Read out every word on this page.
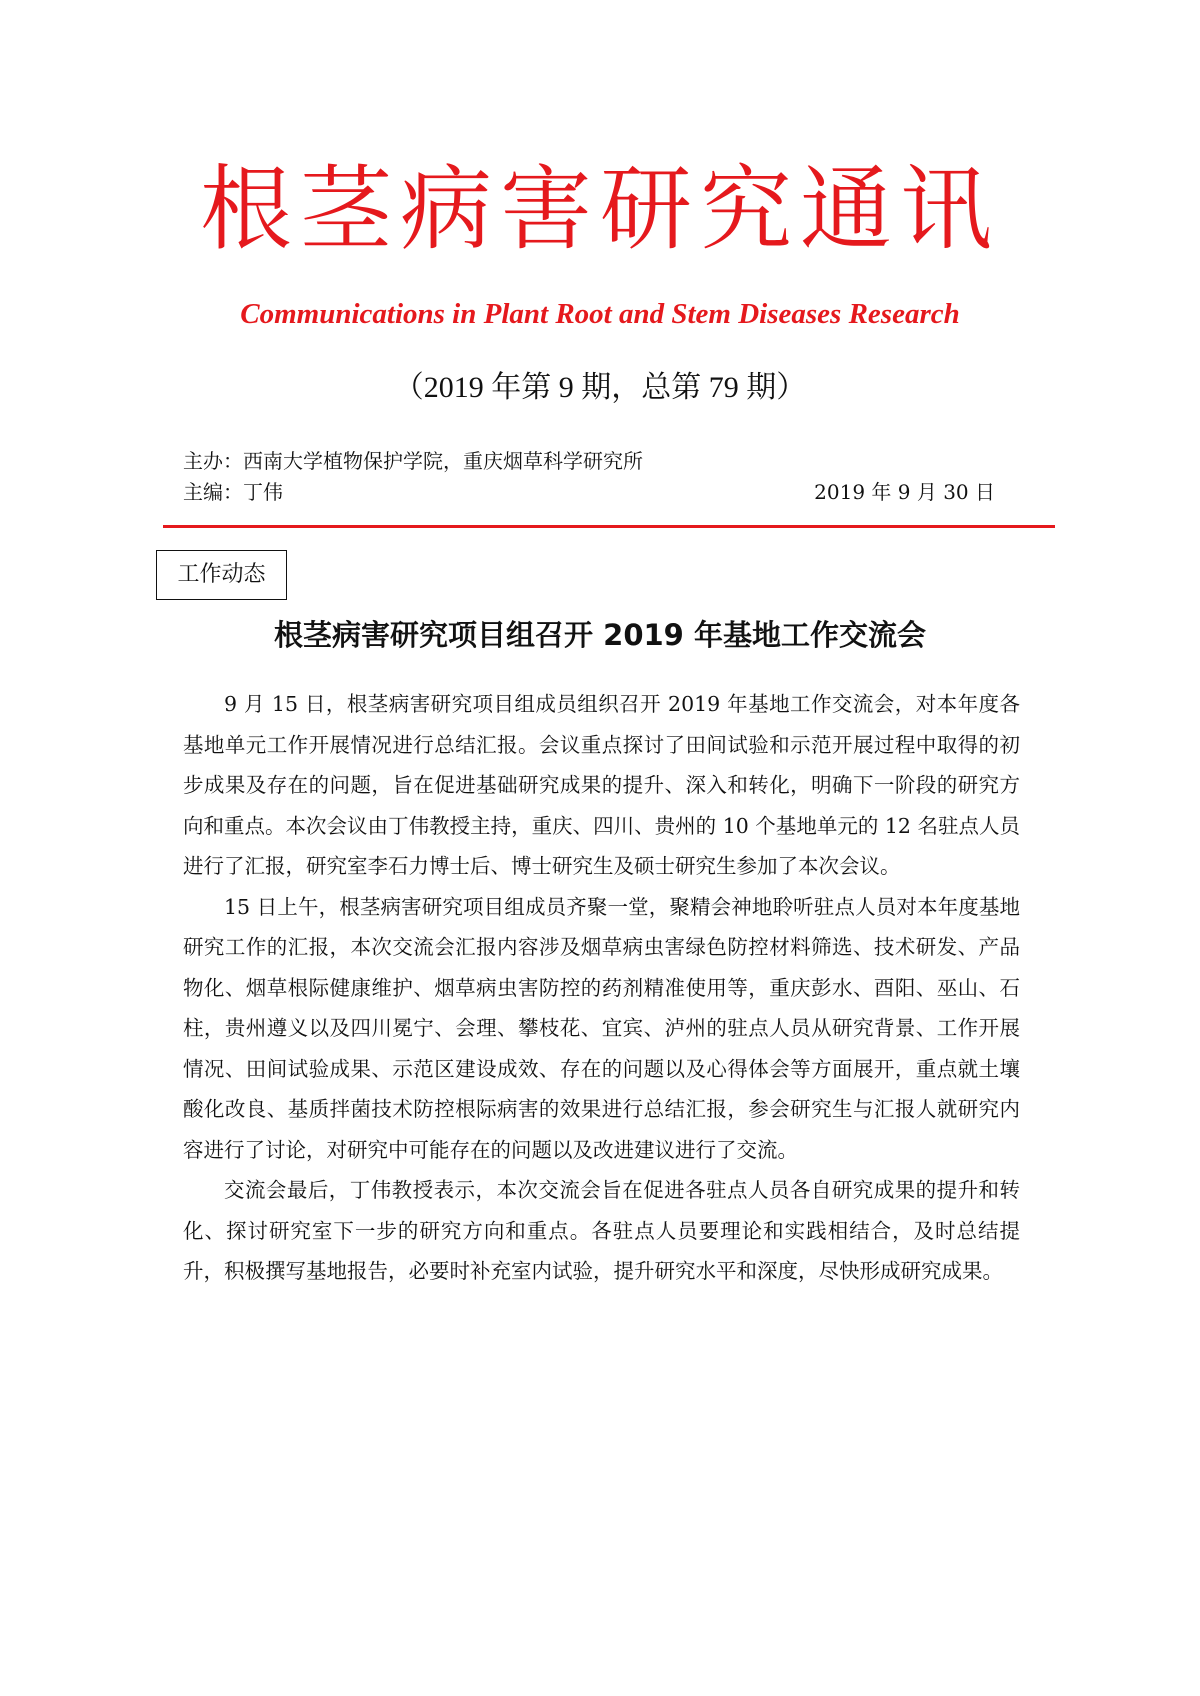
根茎病害研究通讯
Communications in Plant Root and Stem Diseases Research
（2019 年第 9 期，总第 79 期）
主办：西南大学植物保护学院，重庆烟草科学研究所
主编：丁伟	2019 年 9 月 30 日
工作动态
根茎病害研究项目组召开 2019 年基地工作交流会

9 月 15 日，根茎病害研究项目组成员组织召开 2019 年基地工作交流会，对本年度各基地单元工作开展情况进行总结汇报。会议重点探讨了田间试验和示范开展过程中取得的初步成果及存在的问题，旨在促进基础研究成果的提升、深入和转化，明确下一阶段的研究方向和重点。本次会议由丁伟教授主持，重庆、四川、贵州的 10 个基地单元的 12 名驻点人员进行了汇报，研究室李石力博士后、博士研究生及硕士研究生参加了本次会议。

15 日上午，根茎病害研究项目组成员齐聚一堂，聚精会神地聆听驻点人员对本年度基地研究工作的汇报，本次交流会汇报内容涉及烟草病虫害绿色防控材料筛选、技术研发、产品物化、烟草根际健康维护、烟草病虫害防控的药剂精准使用等，重庆彭水、酉阳、巫山、石柱，贵州遵义以及四川冕宁、会理、攀枝花、宜宾、泸州的驻点人员从研究背景、工作开展情况、田间试验成果、示范区建设成效、存在的问题以及心得体会等方面展开，重点就土壤酸化改良、基质拌菌技术防控根际病害的效果进行总结汇报，参会研究生与汇报人就研究内容进行了讨论，对研究中可能存在的问题以及改进建议进行了交流。

交流会最后，丁伟教授表示，本次交流会旨在促进各驻点人员各自研究成果的提升和转化、探讨研究室下一步的研究方向和重点。各驻点人员要理论和实践相结合，及时总结提升，积极撰写基地报告，必要时补充室内试验，提升研究水平和深度，尽快形成研究成果。
